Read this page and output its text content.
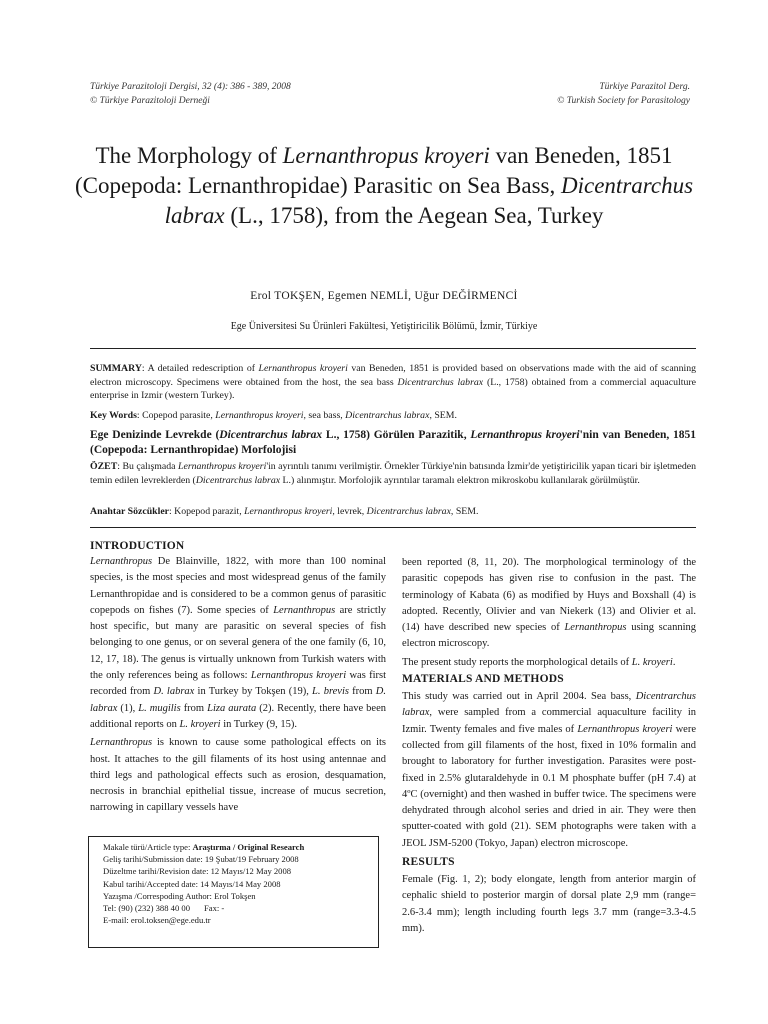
Türkiye Parazitoloji Dergisi, 32 (4): 386 - 389, 2008
© Türkiye Parazitoloji Derneği
Türkiye Parazitol Derg.
© Turkish Society for Parasitology
The Morphology of Lernanthropus kroyeri van Beneden, 1851 (Copepoda: Lernanthropidae) Parasitic on Sea Bass, Dicentrarchus labrax (L., 1758), from the Aegean Sea, Turkey
Erol TOKŞEN, Egemen NEMLİ, Uğur DEĞİRMENCİ
Ege Üniversitesi Su Ürünleri Fakültesi, Yetiştiricilik Bölümü, İzmir, Türkiye
SUMMARY: A detailed redescription of Lernanthropus kroyeri van Beneden, 1851 is provided based on observations made with the aid of scanning electron microscopy. Specimens were obtained from the host, the sea bass Dicentrarchus labrax (L., 1758) obtained from a commercial aquaculture enterprise in Izmir (western Turkey).
Key Words: Copepod parasite, Lernanthropus kroyeri, sea bass, Dicentrarchus labrax, SEM.
Ege Denizinde Levrekde (Dicentrarchus labrax L., 1758) Görülen Parazitik, Lernanthropus kroyeri'nin van Beneden, 1851 (Copepoda: Lernanthropidae) Morfolojisi
ÖZET: Bu çalışmada Lernanthropus kroyeri'in ayrıntılı tanımı verilmiştir. Örnekler Türkiye'nin batısında İzmir'de yetiştiricilik yapan ticari bir işletmeden temin edilen levreklerden (Dicentrarchus labrax L.) alınmıştır. Morfolojik ayrıntılar taramalı elektron mikroskobu kullanılarak görülmüştür.
Anahtar Sözcükler: Kopepod parazit, Lernanthropus kroyeri, levrek, Dicentrarchus labrax, SEM.
INTRODUCTION

Lernanthropus De Blainville, 1822, with more than 100 nominal species, is the most species and most widespread genus of the family Lernanthropidae and is considered to be a common genus of parasitic copepods on fishes (7). Some species of Lernanthropus are strictly host specific, but many are parasitic on several species of fish belonging to one genus, or on several genera of the one family (6, 10, 12, 17, 18). The genus is virtually unknown from Turkish waters with the only references being as follows: Lernanthropus kroyeri was first recorded from D. labrax in Turkey by Tokşen (19), L. brevis from D. labrax (1), L. mugilis from Liza aurata (2). Recently, there have been additional reports on L. kroyeri in Turkey (9, 15).

Lernanthropus is known to cause some pathological effects on its host. It attaches to the gill filaments of its host using antennae and third legs and pathological effects such as erosion, desquamation, necrosis in branchial epithelial tissue, increase of mucus secretion, narrowing in capillary vessels have

Makale türü/Article type: Araştırma / Original Research
Geliş tarihi/Submission date: 19 Şubat/19 February 2008
Düzeltme tarihi/Revision date: 12 Mayıs/12 May 2008
Kabul tarihi/Accepted date: 14 Mayıs/14 May 2008
Yazışma /Correspoding Author: Erol Tokşen
Tel: (90) (232) 388 40 00 Fax: -
E-mail: erol.toksen@ege.edu.tr

been reported (8, 11, 20). The morphological terminology of the parasitic copepods has given rise to confusion in the past. The terminology of Kabata (6) as modified by Huys and Boxshall (4) is adopted. Recently, Olivier and van Niekerk (13) and Olivier et al. (14) have described new species of Lernanthropus using scanning electron microscopy.

The present study reports the morphological details of L. kroyeri.

MATERIALS AND METHODS

This study was carried out in April 2004. Sea bass, Dicentrarchus labrax, were sampled from a commercial aquaculture facility in Izmir. Twenty females and five males of Lernanthropus kroyeri were collected from gill filaments of the host, fixed in 10% formalin and brought to laboratory for further investigation. Parasites were post-fixed in 2.5% glutaraldehyde in 0.1 M phosphate buffer (pH 7.4) at 4ºC (overnight) and then washed in buffer twice. The specimens were dehydrated through alcohol series and dried in air. They were then sputter-coated with gold (21). SEM photographs were taken with a JEOL JSM-5200 (Tokyo, Japan) electron microscope.

RESULTS

Female (Fig. 1, 2); body elongate, length from anterior margin of cephalic shield to posterior margin of dorsal plate 2,9 mm (range= 2.6-3.4 mm); length including fourth legs 3.7 mm (range=3.3-4.5 mm).
